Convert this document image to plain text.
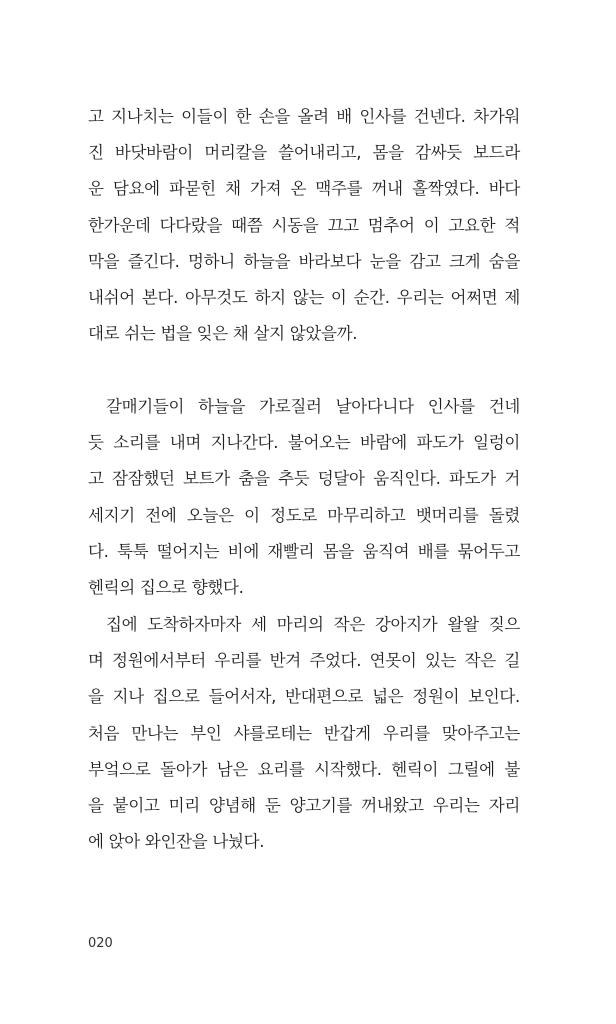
고 지나치는 이들이 한 손을 올려 배 인사를 건넨다. 차가워
진 바닷바람이 머리칼을 쓸어내리고, 몸을 감싸듯 보드라
운 담요에 파묻힌 채 가져 온 맥주를 꺼내 홀짝였다. 바다
한가운데 다다랐을 때쯤 시동을 끄고 멈추어 이 고요한 적
막을 즐긴다. 멍하니 하늘을 바라보다 눈을 감고 크게 숨을
내쉬어 본다. 아무것도 하지 않는 이 순간. 우리는 어쩌면 제
대로 쉬는 법을 잊은 채 살지 않았을까.
갈매기들이 하늘을 가로질러 날아다니다 인사를 건네
듯 소리를 내며 지나간다. 불어오는 바람에 파도가 일렁이
고 잠잠했던 보트가 춤을 추듯 덩달아 움직인다. 파도가 거
세지기 전에 오늘은 이 정도로 마무리하고 뱃머리를 돌렸
다. 툭툭 떨어지는 비에 재빨리 몸을 움직여 배를 묶어두고
헨릭의 집으로 향했다.
집에 도착하자마자 세 마리의 작은 강아지가 왈왈 짖으
며 정원에서부터 우리를 반겨 주었다. 연못이 있는 작은 길
을 지나 집으로 들어서자, 반대편으로 넓은 정원이 보인다.
처음 만나는 부인 샤를로테는 반갑게 우리를 맞아주고는
부엌으로 돌아가 남은 요리를 시작했다. 헨릭이 그릴에 불
을 붙이고 미리 양념해 둔 양고기를 꺼내왔고 우리는 자리
에 앉아 와인잔을 나눴다.
020
